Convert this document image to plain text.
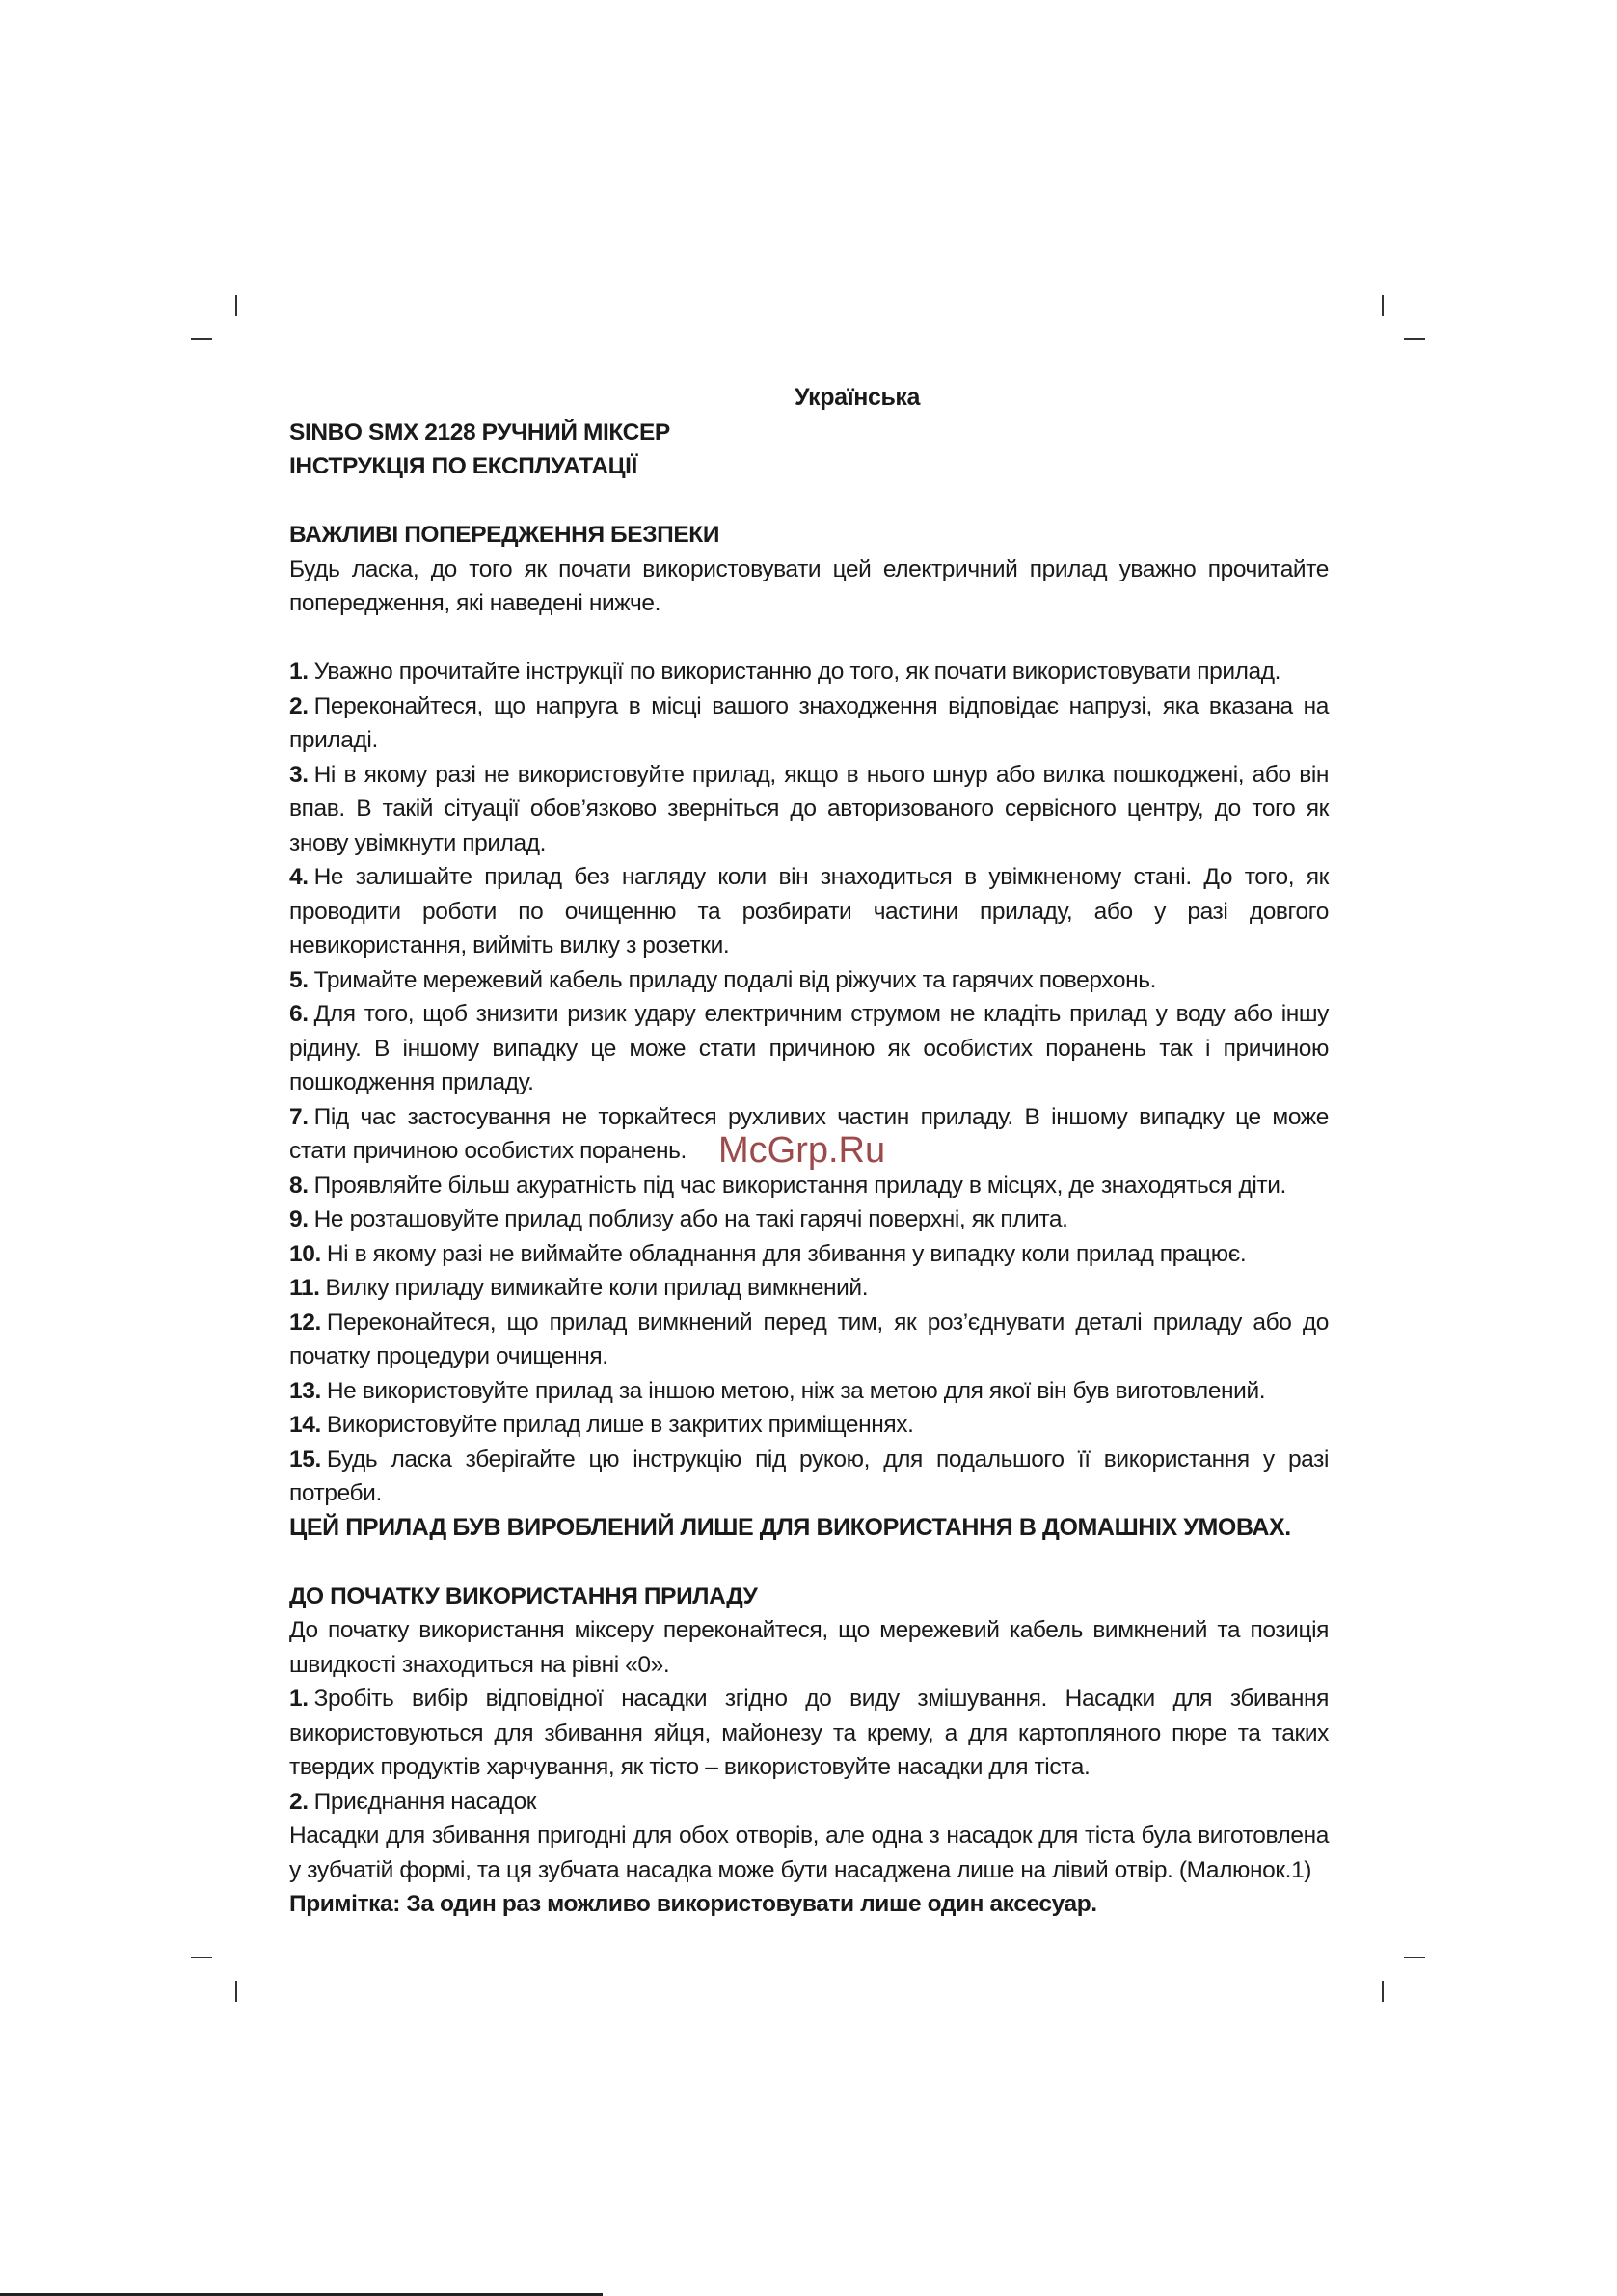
Українська
SINBO SMX 2128 РУЧНИЙ МІКСЕР
ІНСТРУКЦІЯ ПО ЕКСПЛУАТАЦІЇ
ВАЖЛИВІ ПОПЕРЕДЖЕННЯ БЕЗПЕКИ
Будь ласка, до того як почати використовувати цей електричний прилад уважно прочитайте попередження, які наведені нижче.
1. Уважно прочитайте інструкції по використанню до того, як почати використовувати прилад.
2. Переконайтеся, що напруга в місці вашого знаходження відповідає напрузі, яка вказана на приладі.
3. Ні в якому разі не використовуйте прилад, якщо в нього шнур або вилка пошкоджені, або він впав. В такій сітуації обов’язково зверніться до авторизованого сервісного центру, до того як знову увімкнути прилад.
4. Не залишайте прилад без нагляду коли він знаходиться в увімкненому стані. До того, як проводити роботи по очищенню та розбирати частини приладу, або у разі довгого невикористання, вийміть вилку з розетки.
5. Тримайте мережевий кабель приладу подалі від ріжучих та гарячих поверхонь.
6. Для того, щоб знизити ризик удару електричним струмом не кладіть прилад у воду або іншу рідину. В іншому випадку це може стати причиною як особистих поранень так і причиною пошкодження приладу.
7. Під час застосування не торкайтеся рухливих частин приладу. В іншому випадку це може стати причиною особистих поранень.
8. Проявляйте більш акуратність під час використання приладу в місцях, де знаходяться діти.
9. Не розташовуйте прилад поблизу або на такі гарячі поверхні, як плита.
10. Ні в якому разі не виймайте обладнання для збивання у випадку коли прилад працює.
11. Вилку приладу вимикайте коли прилад вимкнений.
12. Переконайтеся, що прилад вимкнений перед тим, як роз’єднувати деталі приладу або до початку процедури очищення.
13. Не використовуйте прилад за іншою метою, ніж за метою для якої він був виготовлений.
14. Використовуйте прилад лише в закритих приміщеннях.
15. Будь ласка зберігайте цю інструкцію під рукою, для подальшого її використання у разі потреби.
ЦЕЙ ПРИЛАД БУВ ВИРОБЛЕНИЙ ЛИШЕ ДЛЯ ВИКОРИСТАННЯ В ДОМАШНІХ УМОВАХ.
ДО ПОЧАТКУ ВИКОРИСТАННЯ ПРИЛАДУ
До початку використання міксеру переконайтеся, що мережевий кабель вимкнений та позиція швидкості знаходиться на рівні «0».
1. Зробіть вибір відповідної насадки згідно до виду змішування. Насадки для збивання використовуються для збивання яйця, майонезу та крему, а для картопляного пюре та таких твердих продуктів харчування, як тісто – використовуйте насадки для тіста.
2. Приєднання насадок
Насадки для збивання пригодні для обох отворів, але одна з насадок для тіста була виготовлена у зубчатій формі, та ця зубчата насадка може бути насаджена лише на лівий отвір. (Малюнок.1)
Примітка: За один раз можливо використовувати лише один аксесуар.
McGrp.Ru
